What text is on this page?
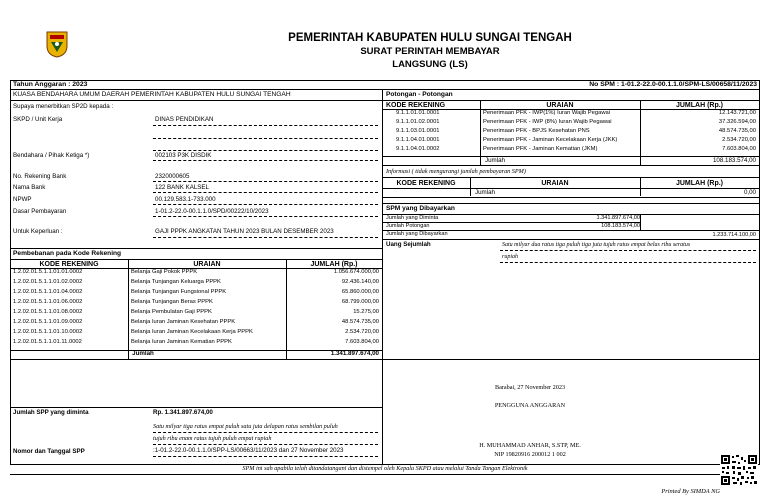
PEMERINTAH KABUPATEN HULU SUNGAI TENGAH
SURAT PERINTAH MEMBAYAR
LANGSUNG (LS)
Tahun Anggaran : 2023	No SPM : 1-01.2-22.0-00.1.1.0/SPM-LS/00658/11/2023
KUASA BENDAHARA UMUM DAERAH PEMERINTAH KABUPATEN HULU SUNGAI TENGAH
Supaya menerbitkan SP2D kepada :
SKPD / Unit Kerja	DINAS PENDIDIKAN
Bendahara / Pihak Ketiga *)	002103 P3K DISDIK
No. Rekening Bank	2320000605
Nama Bank	122 BANK KALSEL
NPWP	00.129.583.1-733.000
Dasar Pembayaran	1-01.2-22.0-00.1.1.0/SPD/00222/10/2023
Untuk Keperluan :	GAJI PPPK ANGKATAN TAHUN 2023 BULAN DESEMBER 2023
Pembebanan pada Kode Rekening
KODE REKENING	URAIAN	JUMLAH (Rp.)
1.2.02.01.5.1.1.01.01.0002	Belanja Gaji Pokok PPPK	1.056.674.000,00
1.2.02.01.5.1.1.01.02.0002	Belanja Tunjangan Keluarga PPPK	92.436.140,00
1.2.02.01.5.1.1.01.04.0002	Belanja Tunjangan Fungsional PPPK	65.860.000,00
1.2.02.01.5.1.1.01.06.0002	Belanja Tunjangan Beras PPPK	68.799.000,00
1.2.02.01.5.1.1.01.08.0002	Belanja Pembulatan Gaji PPPK	15.275,00
1.2.02.01.5.1.1.01.09.0002	Belanja Iuran Jaminan Kesehatan PPPK	48.574.735,00
1.2.02.01.5.1.1.01.10.0002	Belanja Iuran Jaminan Kecelakaan Kerja PPPK	2.534.720,00
1.2.02.01.5.1.1.01.11.0002	Belanja Iuran Jaminan Kematian PPPK	7.603.804,00
Jumlah	1.341.897.674,00
Jumlah SPP yang diminta	Rp. 1.341.897.674,00
Satu milyar tiga ratus empat puluh satu juta delapan ratus sembilan puluh
tujuh ribu enam ratus tujuh puluh empat rupiah
Nomor dan Tanggal SPP	:1-01.2-22.0-00.1.1.0/SPP-LS/00663/11/2023 dan 27 November 2023
Potongan - Potongan
KODE REKENING	URAIAN	JUMLAH (Rp.)
9.1.1.01.01.0001	Penerimaan PFK - IWP(1%) Iuran Wajib Pegawai	12.143.721,00
9.1.1.01.02.0001	Penerimaan PFK - IWP (8%) Iuran Wajib Pegawai	37.326.594,00
9.1.1.03.01.0001	Penerimaan PFK - BPJS Kesehatan PNS	48.574.735,00
9.1.1.04.01.0001	Penerimaan PFK - Jaminan Kecelakaan Kerja (JKK)	2.534.720,00
9.1.1.04.01.0002	Penerimaan PFK - Jaminan Kematian (JKM)	7.603.804,00
Jumlah	108.183.574,00
Informasi ( tidak mengurangi jumlah pembayaran SPM)
KODE REKENING	URAIAN	JUMLAH (Rp.)
Jumlah	0,00
SPM yang Dibayarkan
Jumlah yang Diminta	1.341.897.674,00
Jumlah Potongan	108.183.574,00
Jumlah yang Dibayarkan	1.233.714.100,00
Uang Sejumlah	Satu milyar dua ratus tiga puluh tiga juta tujuh ratus empat belas ribu seratus
rupiah
Barabai, 27 November 2023
PENGGUNA ANGGARAN
H. MUHAMMAD ANHAR, S.STP, ME.
NIP 19820916 200012 1 002
SPM ini sah apabila telah ditandatangani dan distempel oleh Kepala SKPD atau melalui Tanda Tangan Elektronik
Printed By SIMDA NG
